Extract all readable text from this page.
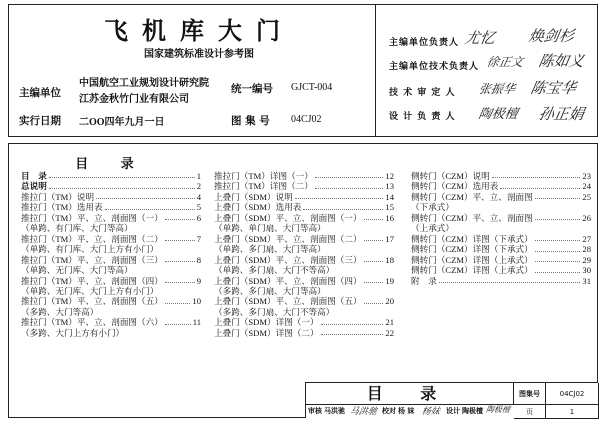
飞机库大门
国家建筑标准设计参考图
主编单位
中国航空工业规划设计研究院
江苏金秋竹门业有限公司
统一编号 GJCT-004
实行日期 二OO四年九月一日	图 集 号 04CJ02
主编单位负责人 尤忆 焕剑杉
主编单位技术负责人 徐正文 陈如义
技 术 审 定 人 张振华 陈宝华
设 计 负 责 人 陶极檀 孙正娟
目 录
目　录	1
总说明	2
推拉门（TM）说明	4
推拉门（TM）选用表	5
推拉门（TM）平、立、剖面图（一）	6
（单跨、有门库、大门等高）
推拉门（TM）平、立、剖面图（二）	7
（单跨、有门库、大门上方有小门）
推拉门（TM）平、立、剖面图（三）	8
（单跨、无门库、大门等高）
推拉门（TM）平、立、剖面图（四）	9
（单跨、无门库、大门上方有小门）
推拉门（TM）平、立、剖面图（五）	10
（多跨、大门等高）
推拉门（TM）平、立、剖面图（六）	11
（多跨、大门上方有小门）
推拉门（TM）详图（一）	12
推拉门（TM）详图（二）	13
上叠门（SDM）说明	14
上叠门（SDM）选用表	15
上叠门（SDM）平、立、剖面图（一）	16
（单跨、单门扇、大门等高）
上叠门（SDM）平、立、剖面图（二）	17
（单跨、多门扇、大门等高）
上叠门（SDM）平、立、剖面图（三）	18
（单跨、多门扇、大门不等高）
上叠门（SDM）平、立、剖面图（四）	19
（多跨、多门扇、大门等高）
上叠门（SDM）平、立、剖面图（五）	20
（多跨、多门扇、大门不等高）
上叠门（SDM）详图（一）	21
上叠门（SDM）详图（二）	22
侧转门（CZM）说明	23
侧转门（CZM）选用表	24
侧转门（CZM）平、立、剖面图	25
（下承式）
侧转门（CZM）平、立、剖面图	26
（上承式）
侧转门（CZM）详图（下承式）	27
侧转门（CZM）详图（下承式）	28
侧转门（CZM）详图（上承式）	29
侧转门（CZM）详图（上承式）	30
附　录	31
目 录	图集号	04CJ02
页	1
审核 马洪驰 马洪驰 校对 杨 妹 杨妹 设计 陶极檀 陶极檀
